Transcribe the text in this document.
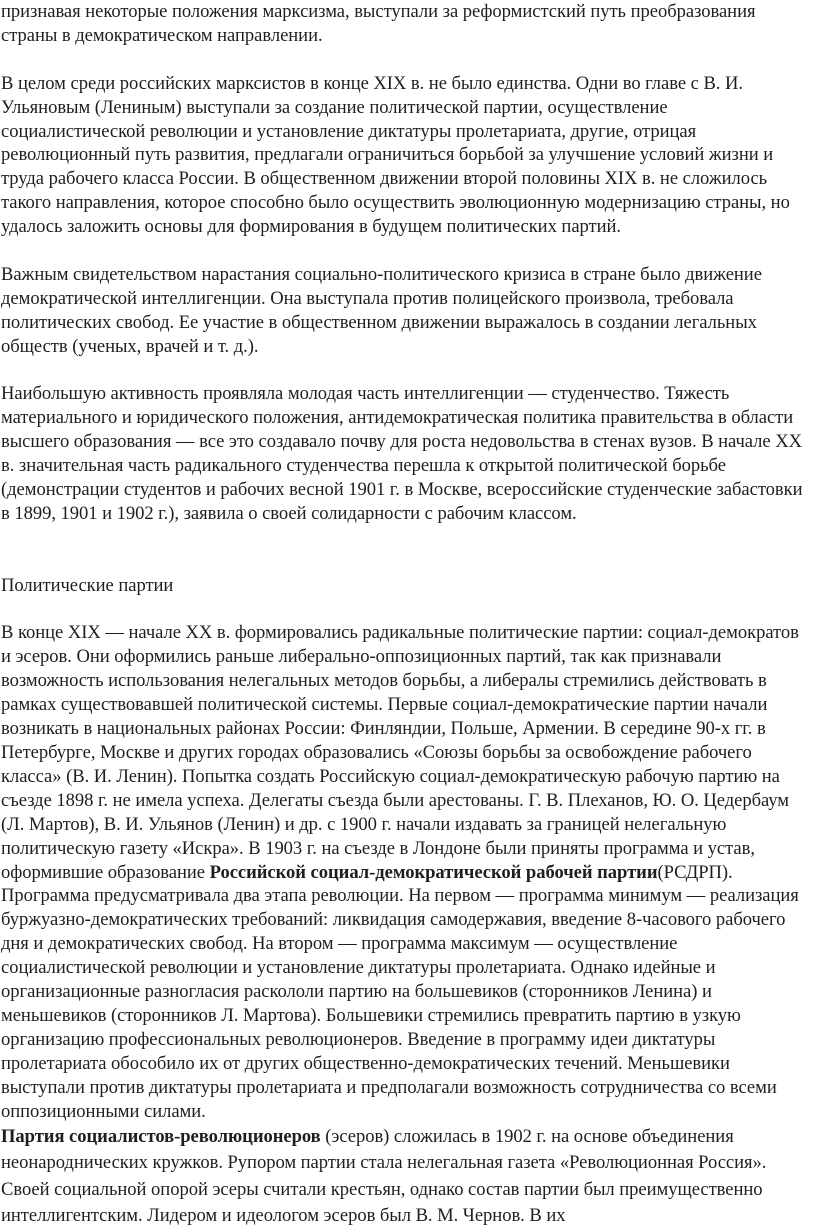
признавая некоторые положения марксизма, выступали за реформистский путь преобразования страны в демократическом направлении.

В целом среди российских марксистов в конце XIX в. не было единства. Одни во главе с В. И. Ульяновым (Лениным) выступали за создание политической партии, осуществление социалистической революции и установление диктатуры пролетариата, другие, отрицая революционный путь развития, предлагали ограничиться борьбой за улучшение условий жизни и труда рабочего класса России. В общественном движении второй половины XIX в. не сложилось такого направления, которое способно было осуществить эволюционную модернизацию страны, но удалось заложить основы для формирования в будущем политических партий.

Важным свидетельством нарастания социально-политического кризиса в стране было движение демократической интеллигенции. Она выступала против полицейского произвола, требовала политических свобод. Ее участие в общественном движении выражалось в создании легальных обществ (ученых, врачей и т. д.).

Наибольшую активность проявляла молодая часть интеллигенции — студенчество. Тяжесть материального и юридического положения, антидемократическая политика правительства в области высшего образования — все это создавало почву для роста недовольства в стенах вузов. В начале XX в. значительная часть радикального студенчества перешла к открытой политической борьбе (демонстрации студентов и рабочих весной 1901 г. в Москве, всероссийские студенческие забастовки в 1899, 1901 и 1902 г.), заявила о своей солидарности с рабочим классом.

Политические партии

В конце XIX — начале XX в. формировались радикальные политические партии: социал-демократов и эсеров. Они оформились раньше либерально-оппозиционных партий, так как признавали возможность использования нелегальных методов борьбы, а либералы стремились действовать в рамках существовавшей политической системы. Первые социал-демократические партии начали возникать в национальных районах России: Финляндии, Польше, Армении. В середине 90-х гг. в Петербурге, Москве и других городах образовались «Союзы борьбы за освобождение рабочего класса» (В. И. Ленин). Попытка создать Российскую социал-демократическую рабочую партию на съезде 1898 г. не имела успеха. Делегаты съезда были арестованы. Г. В. Плеханов, Ю. О. Цедербаум (Л. Мартов), В. И. Ульянов (Ленин) и др. с 1900 г. начали издавать за границей нелегальную политическую газету «Искра». В 1903 г. на съезде в Лондоне были приняты программа и устав, оформившие образование Российской социал-демократической рабочей партии(РСДРП). Программа предусматривала два этапа революции. На первом — программа минимум — реализация буржуазно-демократических требований: ликвидация самодержавия, введение 8-часового рабочего дня и демократических свобод. На втором — программа максимум — осуществление социалистической революции и установление диктатуры пролетариата. Однако идейные и организационные разногласия раскололи партию на большевиков (сторонников Ленина) и меньшевиков (сторонников Л. Мартова). Большевики стремились превратить партию в узкую организацию профессиональных революционеров. Введение в программу идеи диктатуры пролетариата обособило их от других общественно-демократических течений. Меньшевики выступали против диктатуры пролетариата и предполагали возможность сотрудничества со всеми оппозиционными силами.

Партия социалистов-революционеров (эсеров) сложилась в 1902 г. на основе объединения неонароднических кружков. Рупором партии стала нелегальная газета «Революционная Россия». Своей социальной опорой эсеры считали крестьян, однако состав партии был преимущественно интеллигентским. Лидером и идеологом эсеров был В. М. Чернов. В их
